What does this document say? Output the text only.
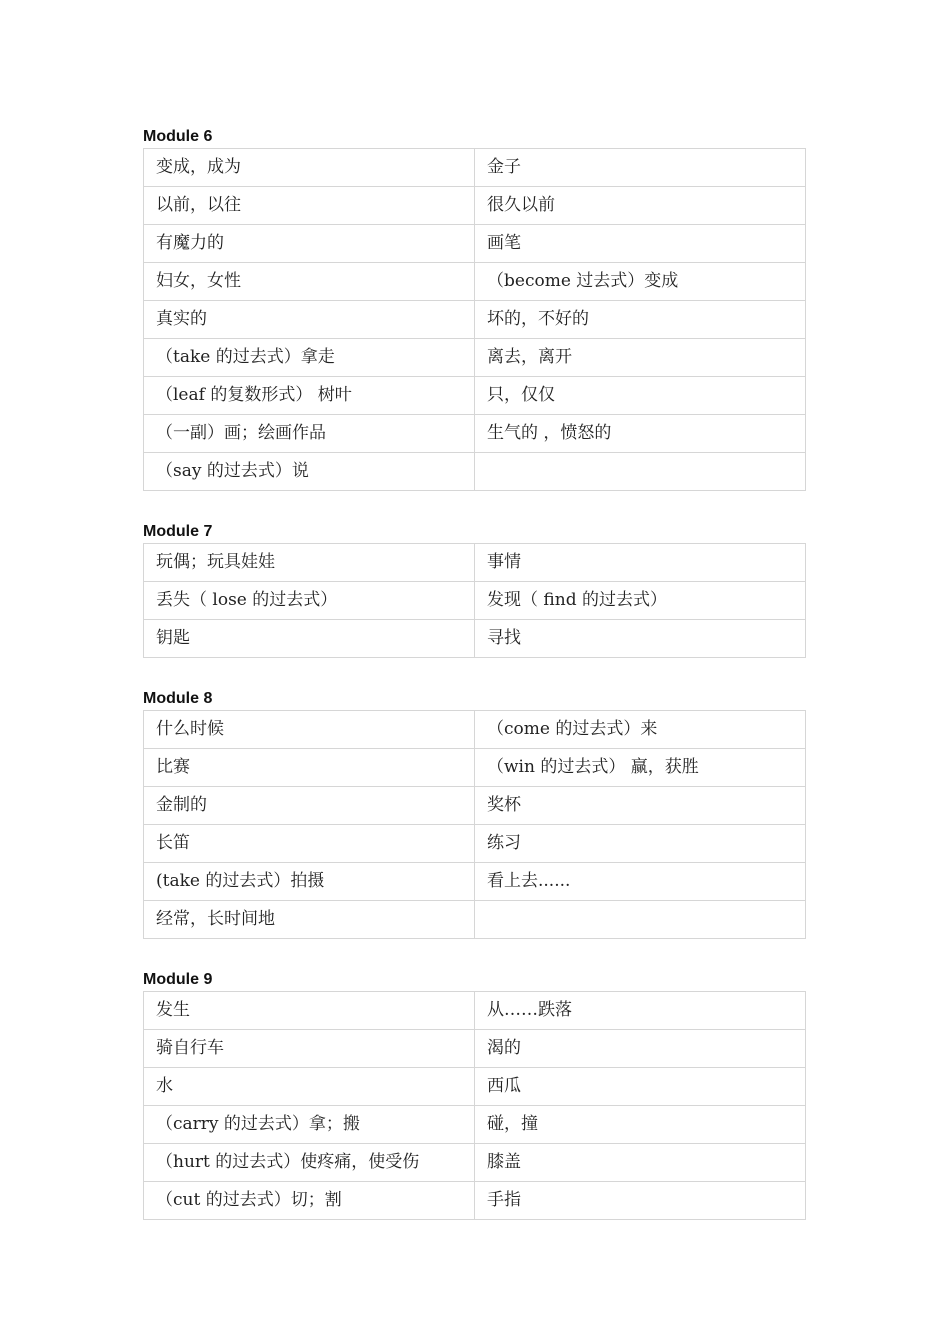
Module 6
变成，成为	金子
以前，以往	很久以前
有魔力的	画笔
妇女，女性	（become 过去式）变成
真实的	坏的，不好的
（take 的过去式）拿走	离去，离开
（leaf 的复数形式） 树叶	只，仅仅
（一副）画；绘画作品	生气的 ，愤怒的
（say 的过去式）说	
Module 7
玩偶；玩具娃娃	事情
丢失（ lose 的过去式）	发现（ find 的过去式）
钥匙	寻找
Module 8
什么时候	（come 的过去式）来
比赛	（win 的过去式） 赢，获胜
金制的	奖杯
长笛	练习
(take 的过去式）拍摄	看上去......
经常，长时间地	
Module 9
发生	从……跌落
骑自行车	渴的
水	西瓜
（carry 的过去式）拿；搬	碰，撞
（hurt 的过去式）使疼痛，使受伤	膝盖
（cut 的过去式）切；割	手指
